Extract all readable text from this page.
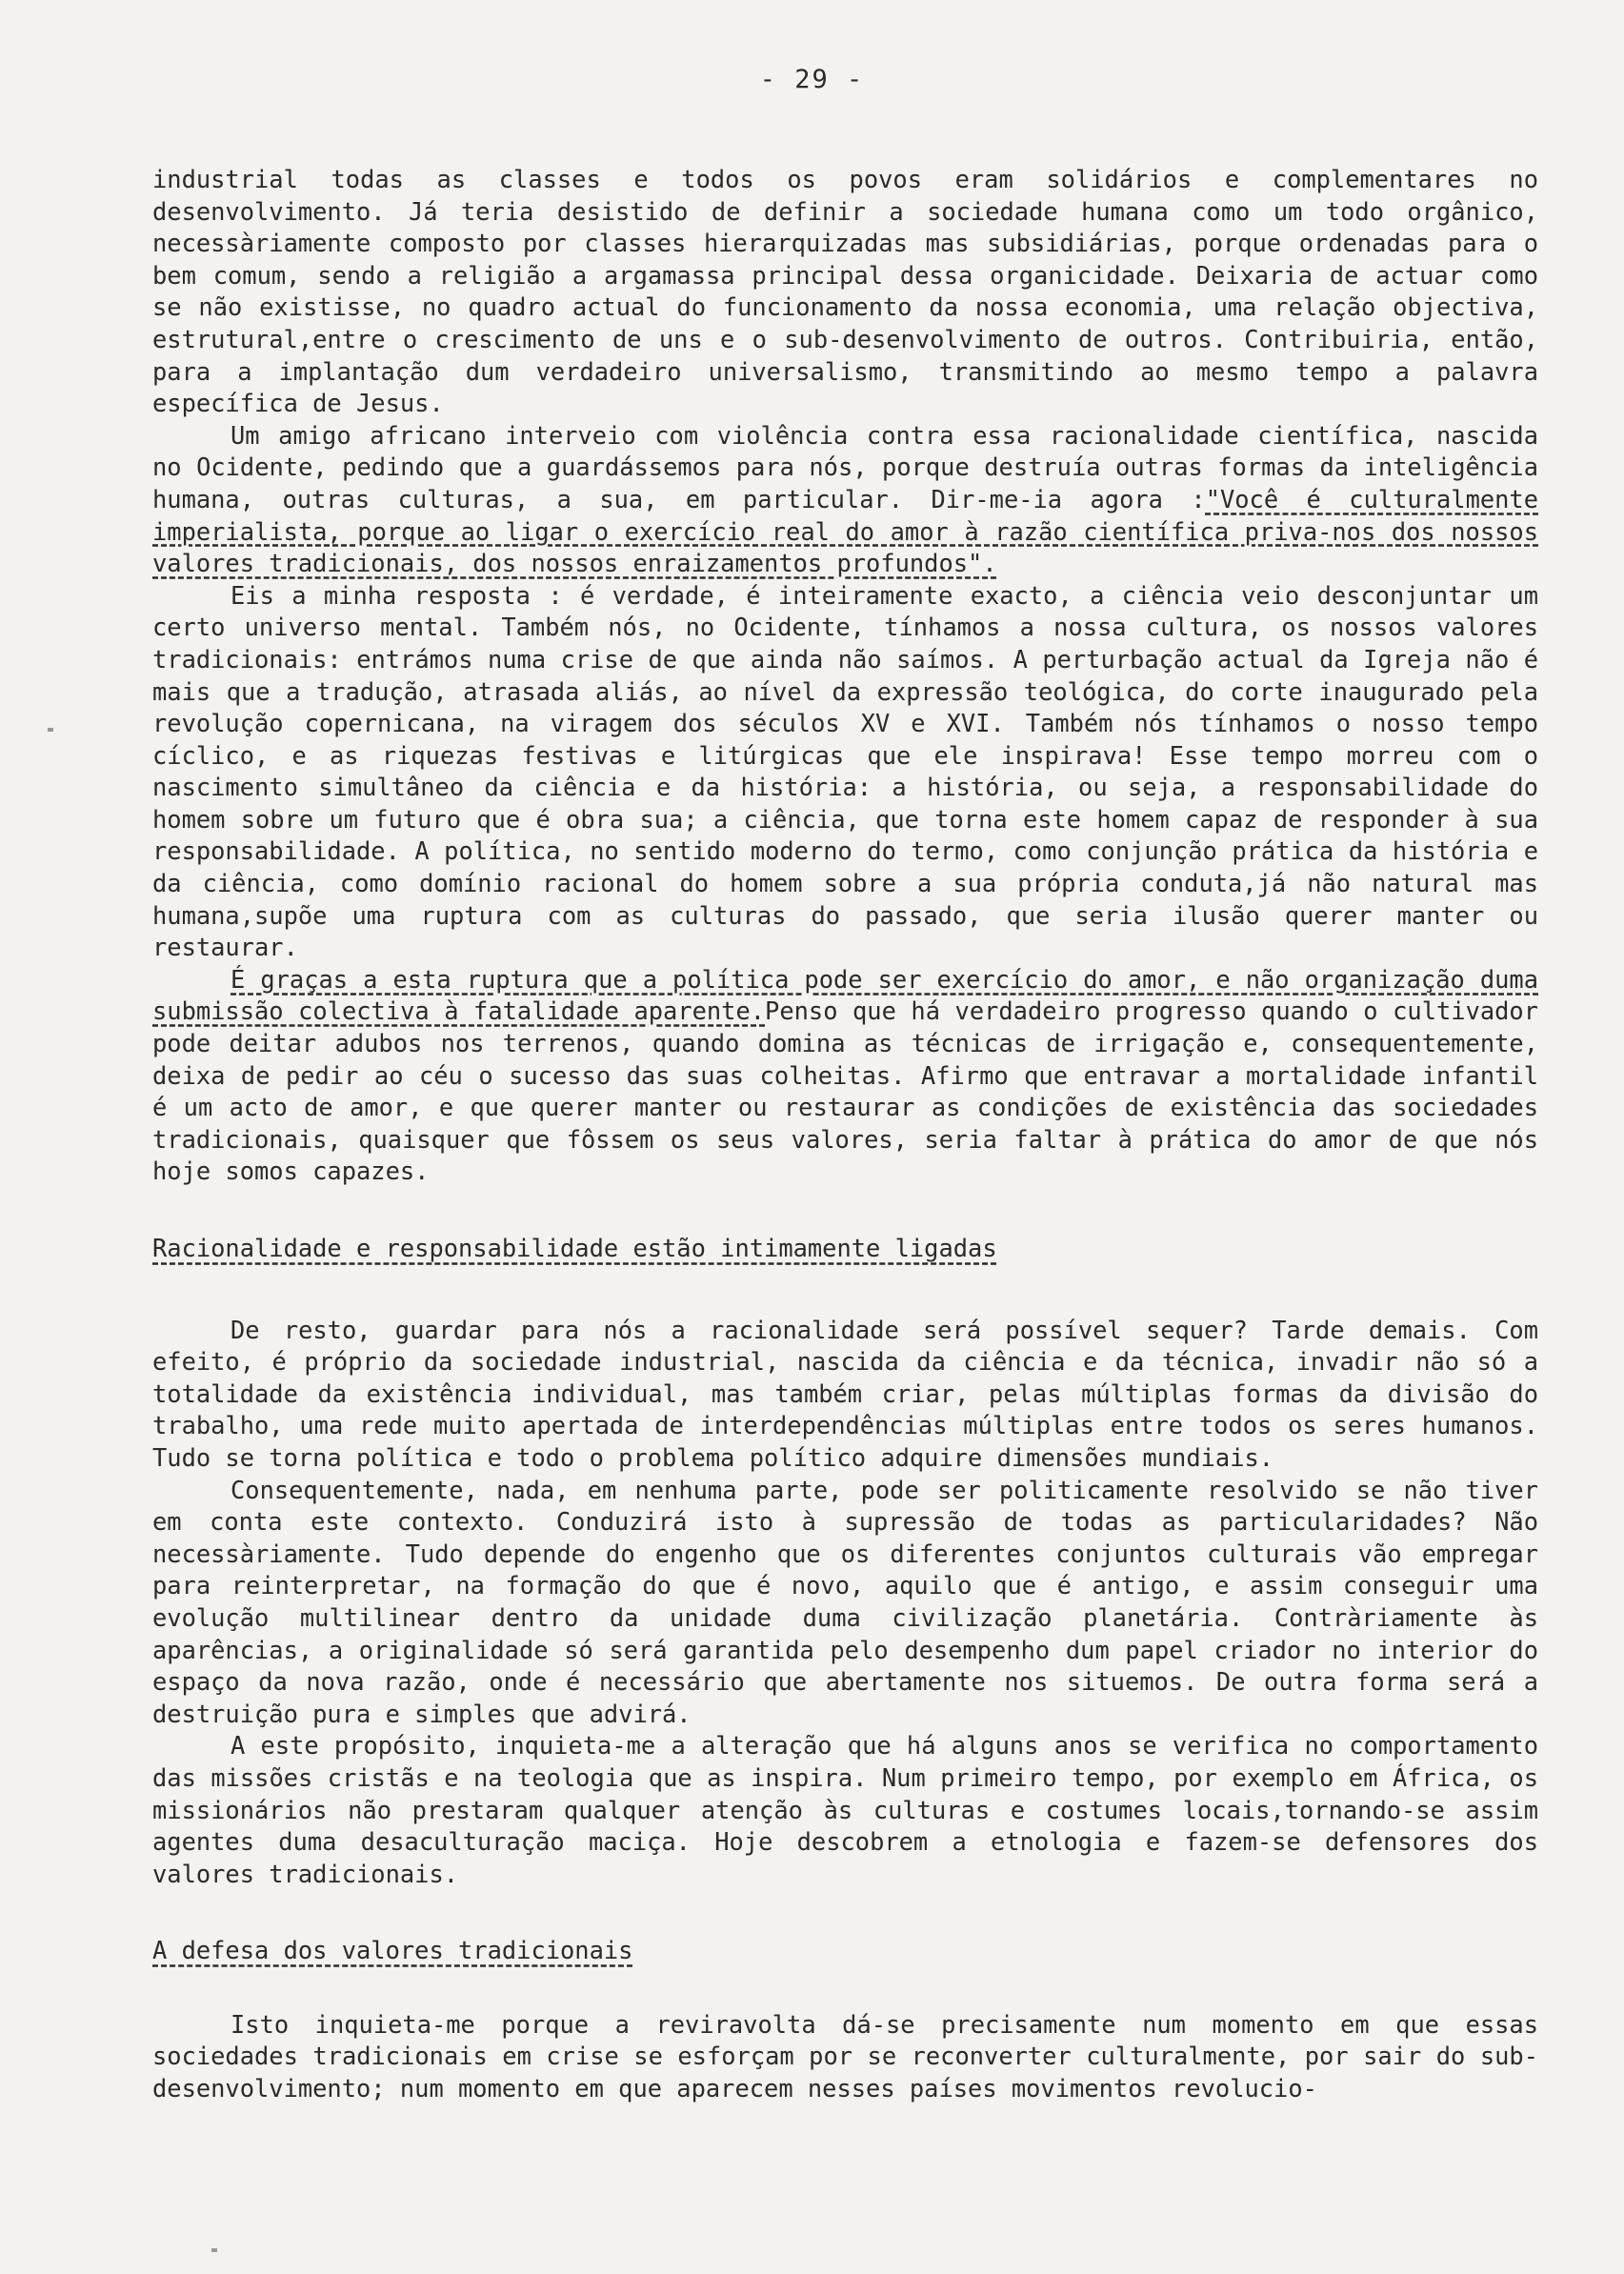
- 29 -

industrial todas as classes e todos os povos eram solidários e complementares no desenvolvimento. Já teria desistido de definir a sociedade humana como um todo orgânico, necessàriamente composto por classes hierarquizadas mas subsidiárias, porque ordenadas para o bem comum, sendo a religião a argamassa principal dessa organicidade. Deixaria de actuar como se não existisse, no quadro actual do funcionamento da nossa economia, uma relação objectiva, estrutural,entre o crescimento de uns e o sub-desenvolvimento de outros. Contribuiria, então, para a implantação dum verdadeiro universalismo, transmitindo ao mesmo tempo a palavra específica de Jesus.

Um amigo africano interveio com violência contra essa racionalidade científica, nascida no Ocidente, pedindo que a guardássemos para nós, porque destruía outras formas da inteligência humana, outras culturas, a sua, em particular. Dir-me-ia agora :"Você é culturalmente imperialista, porque ao ligar o exercício real do amor à razão científica priva-nos dos nossos valores tradicionais, dos nossos enraizamentos profundos".

Eis a minha resposta : é verdade, é inteiramente exacto, a ciência veio desconjuntar um certo universo mental. Também nós, no Ocidente, tínhamos a nossa cultura, os nossos valores tradicionais: entrámos numa crise de que ainda não saímos. A perturbação actual da Igreja não é mais que a tradução, atrasada aliás, ao nível da expressão teológica, do corte inaugurado pela revolução copernicana, na viragem dos séculos XV e XVI. Também nós tínhamos o nosso tempo cíclico, e as riquezas festivas e litúrgicas que ele inspirava! Esse tempo morreu com o nascimento simultâneo da ciência e da história: a história, ou seja, a responsabilidade do homem sobre um futuro que é obra sua; a ciência, que torna este homem capaz de responder à sua responsabilidade. A política, no sentido moderno do termo, como conjunção prática da história e da ciência, como domínio racional do homem sobre a sua própria conduta,já não natural mas humana,supõe uma ruptura com as culturas do passado, que seria ilusão querer manter ou restaurar.

É graças a esta ruptura que a política pode ser exercício do amor, e não organização duma submissão colectiva à fatalidade aparente.Penso que há verdadeiro progresso quando o cultivador pode deitar adubos nos terrenos, quando domina as técnicas de irrigação e, consequentemente, deixa de pedir ao céu o sucesso das suas colheitas. Afirmo que entravar a mortalidade infantil é um acto de amor, e que querer manter ou restaurar as condições de existência das sociedades tradicionais, quaisquer que fôssem os seus valores, seria faltar à prática do amor de que nós hoje somos capazes.

Racionalidade e responsabilidade estão intimamente ligadas

De resto, guardar para nós a racionalidade será possível sequer? Tarde demais. Com efeito, é próprio da sociedade industrial, nascida da ciência e da técnica, invadir não só a totalidade da existência individual, mas também criar, pelas múltiplas formas da divisão do trabalho, uma rede muito apertada de interdependências múltiplas entre todos os seres humanos. Tudo se torna política e todo o problema político adquire dimensões mundiais.

Consequentemente, nada, em nenhuma parte, pode ser politicamente resolvido se não tiver em conta este contexto. Conduzirá isto à supressão de todas as particularidades? Não necessàriamente. Tudo depende do engenho que os diferentes conjuntos culturais vão empregar para reinterpretar, na formação do que é novo, aquilo que é antigo, e assim conseguir uma evolução multilinear dentro da unidade duma civilização planetária. Contràriamente às aparências, a originalidade só será garantida pelo desempenho dum papel criador no interior do espaço da nova razão, onde é necessário que abertamente nos situemos. De outra forma será a destruição pura e simples que advirá.

A este propósito, inquieta-me a alteração que há alguns anos se verifica no comportamento das missões cristãs e na teologia que as inspira. Num primeiro tempo, por exemplo em África, os missionários não prestaram qualquer atenção às culturas e costumes locais,tornando-se assim agentes duma desaculturação maciça. Hoje descobrem a etnologia e fazem-se defensores dos valores tradicionais.

A defesa dos valores tradicionais

Isto inquieta-me porque a reviravolta dá-se precisamente num momento em que essas sociedades tradicionais em crise se esforçam por se reconverter culturalmente, por sair do sub-desenvolvimento; num momento em que aparecem nesses países movimentos revolucio-
